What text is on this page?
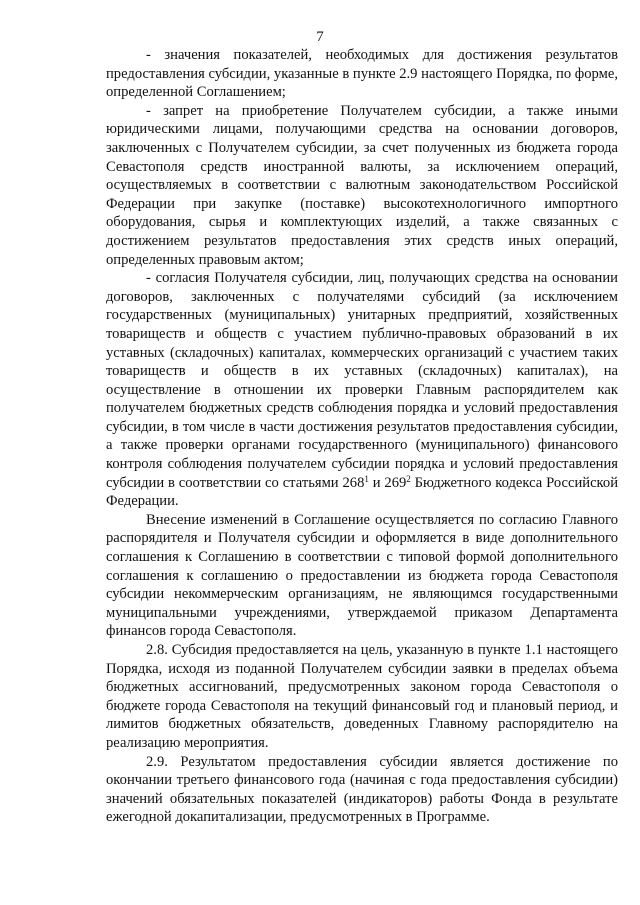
7

- значения показателей, необходимых для достижения результатов предоставления субсидии, указанные в пункте 2.9 настоящего Порядка, по форме, определенной Соглашением;

- запрет на приобретение Получателем субсидии, а также иными юридическими лицами, получающими средства на основании договоров, заключенных с Получателем субсидии, за счет полученных из бюджета города Севастополя средств иностранной валюты, за исключением операций, осуществляемых в соответствии с валютным законодательством Российской Федерации при закупке (поставке) высокотехнологичного импортного оборудования, сырья и комплектующих изделий, а также связанных с достижением результатов предоставления этих средств иных операций, определенных правовым актом;

- согласия Получателя субсидии, лиц, получающих средства на основании договоров, заключенных с получателями субсидий (за исключением государственных (муниципальных) унитарных предприятий, хозяйственных товариществ и обществ с участием публично-правовых образований в их уставных (складочных) капиталах, коммерческих организаций с участием таких товариществ и обществ в их уставных (складочных) капиталах), на осуществление в отношении их проверки Главным распорядителем как получателем бюджетных средств соблюдения порядка и условий предоставления субсидии, в том числе в части достижения результатов предоставления субсидии, а также проверки органами государственного (муниципального) финансового контроля соблюдения получателем субсидии порядка и условий предоставления субсидии в соответствии со статьями $268^1$ и $269^2$ Бюджетного кодекса Российской Федерации.

Внесение изменений в Соглашение осуществляется по согласию Главного распорядителя и Получателя субсидии и оформляется в виде дополнительного соглашения к Соглашению в соответствии с типовой формой дополнительного соглашения к соглашению о предоставлении из бюджета города Севастополя субсидии некоммерческим организациям, не являющимся государственными муниципальными учреждениями, утверждаемой приказом Департамента финансов города Севастополя.

2.8. Субсидия предоставляется на цель, указанную в пункте 1.1 настоящего Порядка, исходя из поданной Получателем субсидии заявки в пределах объема бюджетных ассигнований, предусмотренных законом города Севастополя о бюджете города Севастополя на текущий финансовый год и плановый период, и лимитов бюджетных обязательств, доведенных Главному распорядителю на реализацию мероприятия.

2.9. Результатом предоставления субсидии является достижение по окончании третьего финансового года (начиная с года предоставления субсидии) значений обязательных показателей (индикаторов) работы Фонда в результате ежегодной докапитализации, предусмотренных в Программе.
